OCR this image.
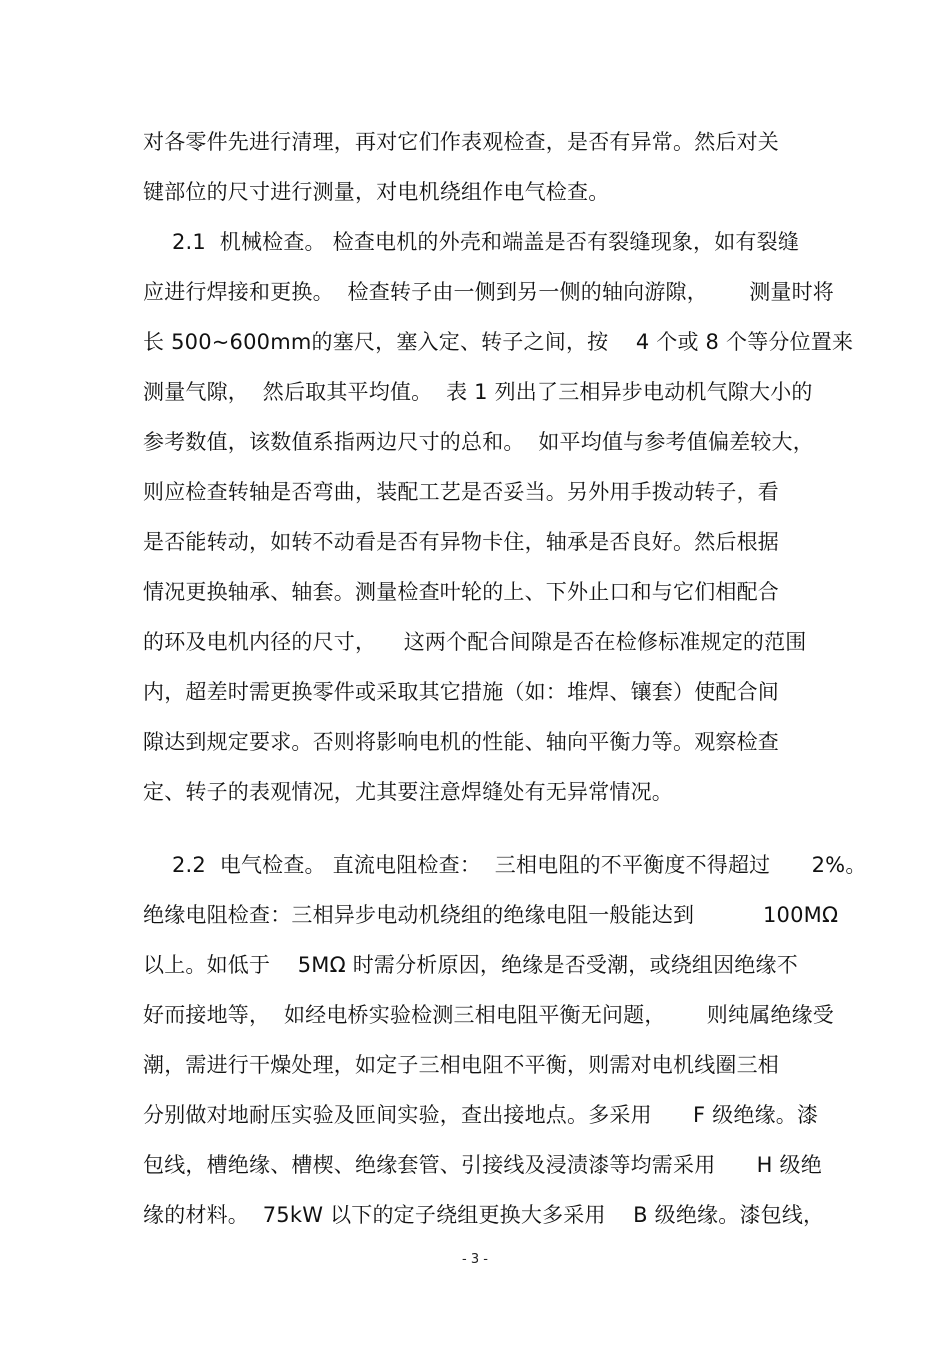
对各零件先进行清理，再对它们作表观检查，是否有异常。然后对关
键部位的尺寸进行测量，对电机绕组作电气检查。
2.1  机械检查。 检查电机的外壳和端盖是否有裂缝现象，如有裂缝
应进行焊接和更换。  检查转子由一侧到另一侧的轴向游隙，      测量时将
长 500~600mm的塞尺，塞入定、转子之间，按    4 个或 8 个等分位置来
测量气隙，  然后取其平均值。  表 1 列出了三相异步电动机气隙大小的
参考数值，该数值系指两边尺寸的总和。  如平均值与参考值偏差较大，
则应检查转轴是否弯曲，装配工艺是否妥当。另外用手拨动转子，看
是否能转动，如转不动看是否有异物卡住，轴承是否良好。然后根据
情况更换轴承、轴套。测量检查叶轮的上、下外止口和与它们相配合
的环及电机内径的尺寸，    这两个配合间隙是否在检修标准规定的范围
内，超差时需更换零件或采取其它措施（如：堆焊、镶套）使配合间
隙达到规定要求。否则将影响电机的性能、轴向平衡力等。观察检查
定、转子的表观情况，尤其要注意焊缝处有无异常情况。
2.2  电气检查。 直流电阻检查：  三相电阻的不平衡度不得超过      2%。
绝缘电阻检查：三相异步电动机绕组的绝缘电阻一般能达到          100MΩ
以上。如低于    5MΩ 时需分析原因，绝缘是否受潮，或绕组因绝缘不
好而接地等，  如经电桥实验检测三相电阻平衡无问题，      则纯属绝缘受
潮，需进行干燥处理，如定子三相电阻不平衡，则需对电机线圈三相
分别做对地耐压实验及匝间实验，查出接地点。多采用      F 级绝缘。漆
包线，槽绝缘、槽楔、绝缘套管、引接线及浸渍漆等均需采用      H 级绝
缘的材料。  75kW 以下的定子绕组更换大多采用    B 级绝缘。漆包线，
- 3 -
